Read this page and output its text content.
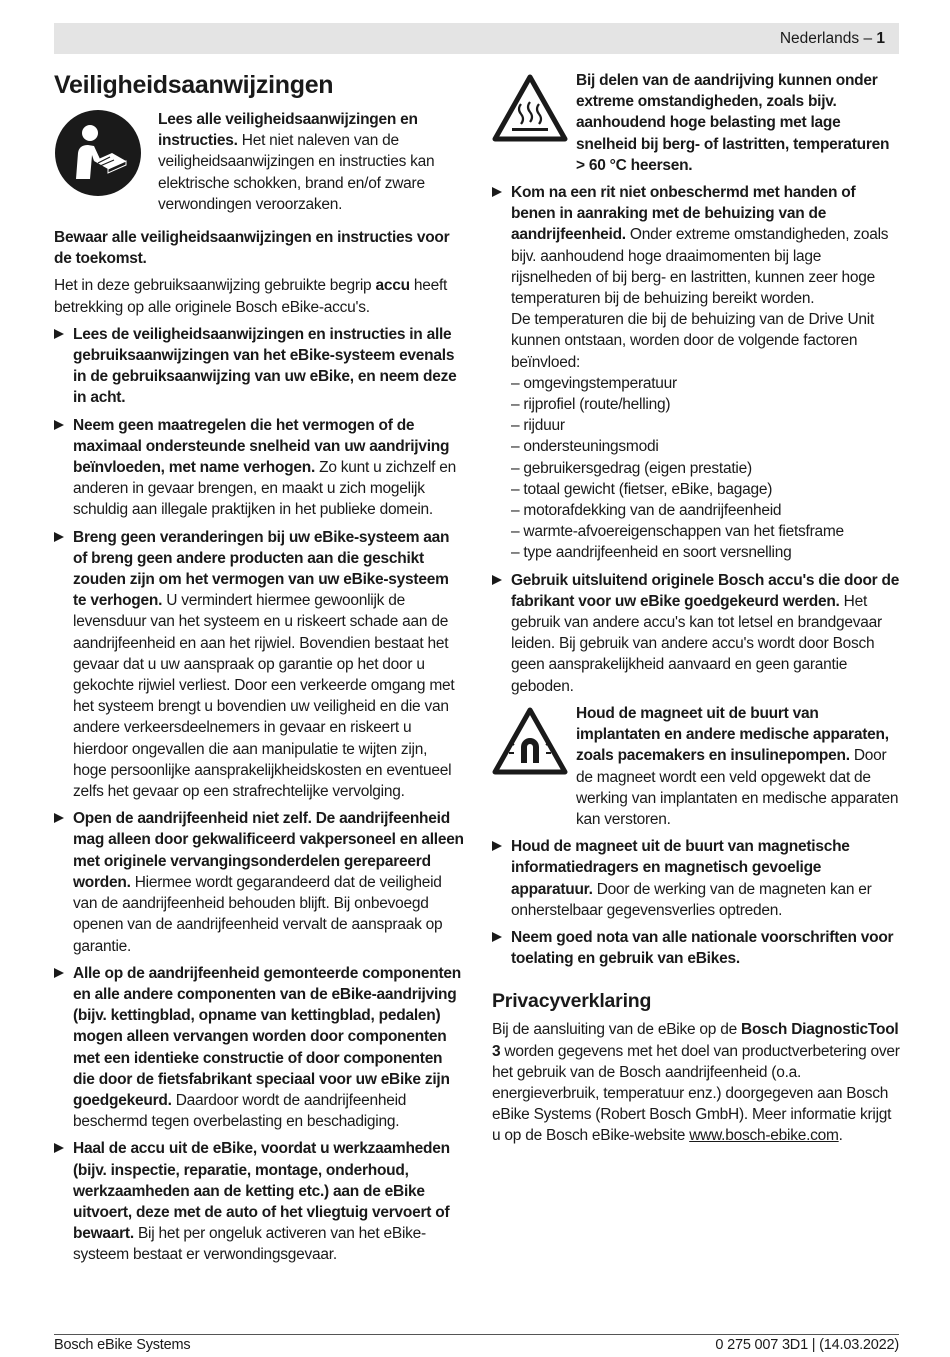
Nederlands – 1
Veiligheidsaanwijzingen
Lees alle veiligheidsaanwijzingen en instructies. Het niet naleven van de veiligheidsaanwijzingen en instructies kan elektrische schokken, brand en/of zware verwondingen veroorzaken.

Bewaar alle veiligheidsaanwijzingen en instructies voor de toekomst.

Het in deze gebruiksaanwijzing gebruikte begrip accu heeft betrekking op alle originele Bosch eBike-accu's.

Lees de veiligheidsaanwijzingen en instructies in alle gebruiksaanwijzingen van het eBike-systeem evenals in de gebruiksaanwijzing van uw eBike, en neem deze in acht.
Neem geen maatregelen die het vermogen of de maximaal ondersteunde snelheid van uw aandrijving beïnvloeden, met name verhogen. Zo kunt u zichzelf en anderen in gevaar brengen, en maakt u zich mogelijk schuldig aan illegale praktijken in het publieke domein.
Breng geen veranderingen bij uw eBike-systeem aan of breng geen andere producten aan die geschikt zouden zijn om het vermogen van uw eBike-systeem te verhogen. U vermindert hiermee gewoonlijk de levensduur van het systeem en u riskeert schade aan de aandrijfeenheid en aan het rijwiel. Bovendien bestaat het gevaar dat u uw aanspraak op garantie op het door u gekochte rijwiel verliest. Door een verkeerde omgang met het systeem brengt u bovendien uw veiligheid en die van andere verkeersdeelnemers in gevaar en riskeert u hierdoor ongevallen die aan manipulatie te wijten zijn, hoge persoonlijke aansprakelijkheidskosten en eventueel zelfs het gevaar op een strafrechtelijke vervolging.
Open de aandrijfeenheid niet zelf. De aandrijfeenheid mag alleen door gekwalificeerd vakpersoneel en alleen met originele vervangingsonderdelen gerepareerd worden. Hiermee wordt gegarandeerd dat de veiligheid van de aandrijfeenheid behouden blijft. Bij onbevoegd openen van de aandrijfeenheid vervalt de aanspraak op garantie.
Alle op de aandrijfeenheid gemonteerde componenten en alle andere componenten van de eBike-aandrijving (bijv. kettingblad, opname van kettingblad, pedalen) mogen alleen vervangen worden door componenten met een identieke constructie of door componenten die door de fietsfabrikant speciaal voor uw eBike zijn goedgekeurd. Daardoor wordt de aandrijfeenheid beschermd tegen overbelasting en beschadiging.
Haal de accu uit de eBike, voordat u werkzaamheden (bijv. inspectie, reparatie, montage, onderhoud, werkzaamheden aan de ketting etc.) aan de eBike uitvoert, deze met de auto of het vliegtuig vervoert of bewaart. Bij het per ongeluk activeren van het eBike-systeem bestaat er verwondingsgevaar.
Bij delen van de aandrijving kunnen onder extreme omstandigheden, zoals bijv. aanhoudend hoge belasting met lage snelheid bij berg- of lastritten, temperaturen > 60 °C heersen.
Kom na een rit niet onbeschermd met handen of benen in aanraking met de behuizing van de aandrijfeenheid. Onder extreme omstandigheden, zoals bijv. aanhoudend hoge draaimomenten bij lage rijsnelheden of bij berg- en lastritten, kunnen zeer hoge temperaturen bij de behuizing bereikt worden.

De temperaturen die bij de behuizing van de Drive Unit kunnen ontstaan, worden door de volgende factoren beïnvloed:

– omgevingstemperatuur
– rijprofiel (route/helling)
– rijduur
– ondersteuningsmodi
– gebruikersgedrag (eigen prestatie)
– totaal gewicht (fietser, eBike, bagage)
– motorafdekking van de aandrijfeenheid
– warmte-afvoereigenschappen van het fietsframe
– type aandrijfeenheid en soort versnelling
Gebruik uitsluitend originele Bosch accu's die door de fabrikant voor uw eBike goedgekeurd werden. Het gebruik van andere accu's kan tot letsel en brandgevaar leiden. Bij gebruik van andere accu's wordt door Bosch geen aansprakelijkheid aanvaard en geen garantie geboden.
Houd de magneet uit de buurt van implantaten en andere medische apparaten, zoals pacemakers en insulinepompen. Door de magneet wordt een veld opgewekt dat de werking van implantaten en medische apparaten kan verstoren.
Houd de magneet uit de buurt van magnetische informatiedragers en magnetisch gevoelige apparatuur. Door de werking van de magneten kan er onherstelbaar gegevensverlies optreden.
Neem goed nota van alle nationale voorschriften voor toelating en gebruik van eBikes.
Privacyverklaring

Bij de aansluiting van de eBike op de Bosch DiagnosticTool 3 worden gegevens met het doel van productverbetering over het gebruik van de Bosch aandrijfeenheid (o.a. energieverbruik, temperatuur enz.) doorgegeven aan Bosch eBike Systems (Robert Bosch GmbH). Meer informatie krijgt u op de Bosch eBike-website www.bosch-ebike.com.

Bosch eBike Systems	0 275 007 3D1 | (14.03.2022)
